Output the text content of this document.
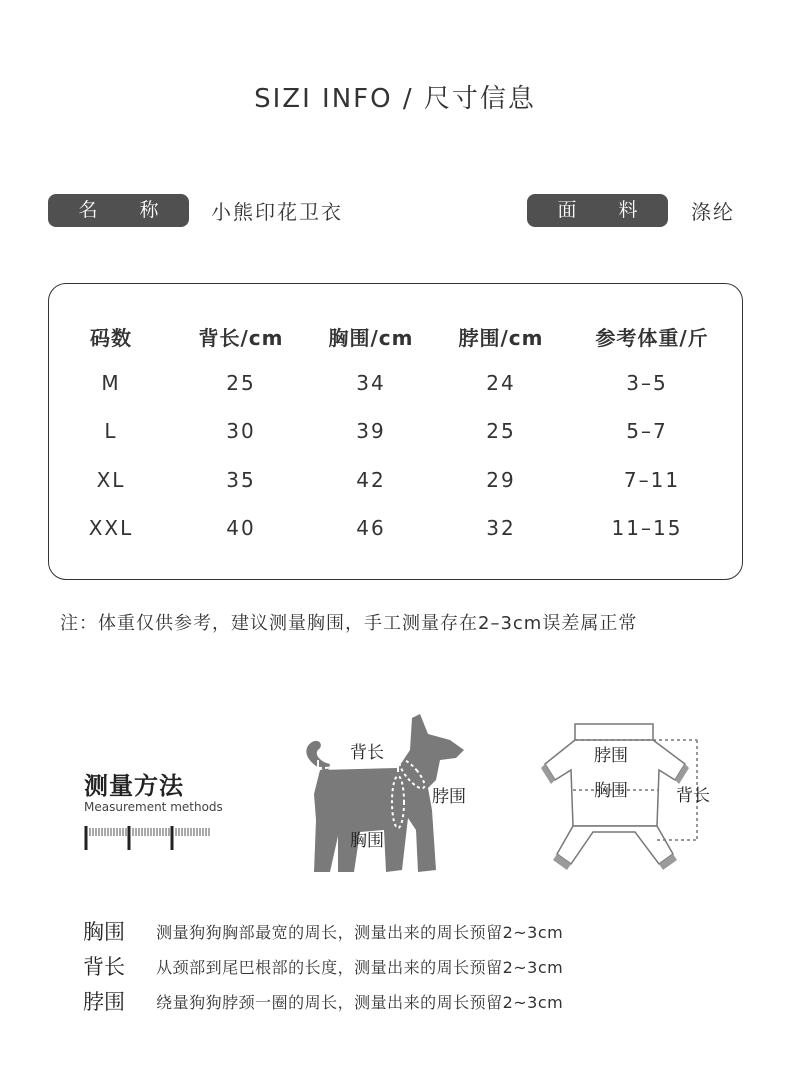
SIZI INFO / 尺寸信息
名 称	小熊印花卫衣	面 料	涤纶
码数	背长/cm 胸围/cm 脖围/cm	参考体重/斤
M	25	34	24	3–5
L	30	39	25	5–7
XL	35	42	29	7–11
XXL	40	46	32	11–15
注：体重仅供参考，建议测量胸围，手工测量存在2–3cm误差属正常
测量方法
Measurement methods
背长
脖围
胸围
脖围
胸围	背长
胸围 测量狗狗胸部最宽的周长，测量出来的周长预留2~3cm
背长 从颈部到尾巴根部的长度，测量出来的周长预留2~3cm
脖围 绕量狗狗脖颈一圈的周长，测量出来的周长预留2~3cm
